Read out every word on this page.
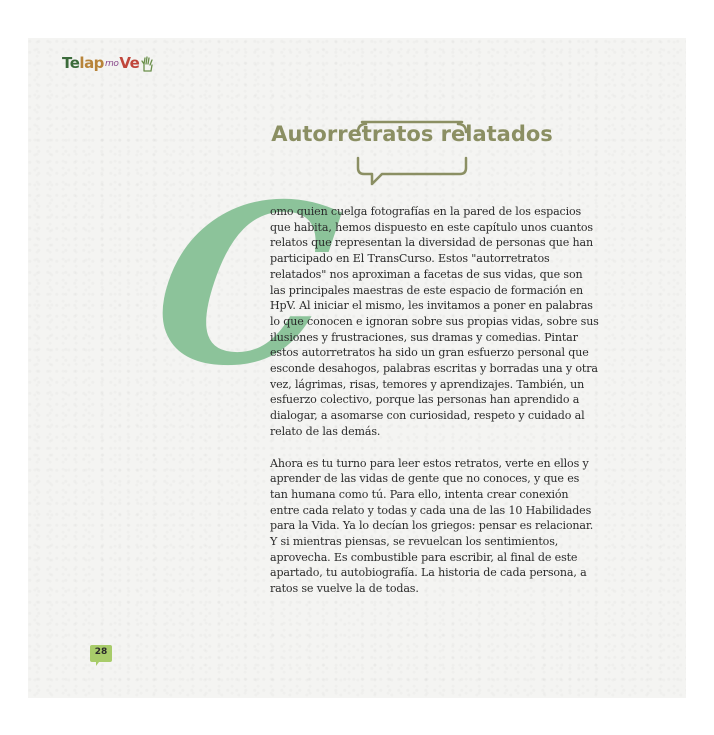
Te lap rno Ve
Autorretratos relatados
C

omo quien cuelga fotografías en la pared de los espacios que habita, hemos dispuesto en este capítulo unos cuantos relatos que representan la diversidad de personas que han participado en El TransCurso. Estos "autorretratos relatados" nos aproximan a facetas de sus vidas, que son las principales maestras de este espacio de formación en HpV. Al iniciar el mismo, les invitamos a poner en palabras lo que conocen e ignoran sobre sus propias vidas, sobre sus ilusiones y frustraciones, sus dramas y comedias. Pintar estos autorretratos ha sido un gran esfuerzo personal que esconde desahogos, palabras escritas y borradas una y otra vez, lágrimas, risas, temores y aprendizajes. También, un esfuerzo colectivo, porque las personas han aprendido a dialogar, a asomarse con curiosidad, respeto y cuidado al relato de las demás.

Ahora es tu turno para leer estos retratos, verte en ellos y aprender de las vidas de gente que no conoces, y que es tan humana como tú. Para ello, intenta crear conexión entre cada relato y todas y cada una de las 10 Habilidades para la Vida. Ya lo decían los griegos: pensar es relacionar. Y si mientras piensas, se revuelcan los sentimientos, aprovecha. Es combustible para escribir, al final de este apartado, tu autobiografía. La historia de cada persona, a ratos se vuelve la de todas.

28
